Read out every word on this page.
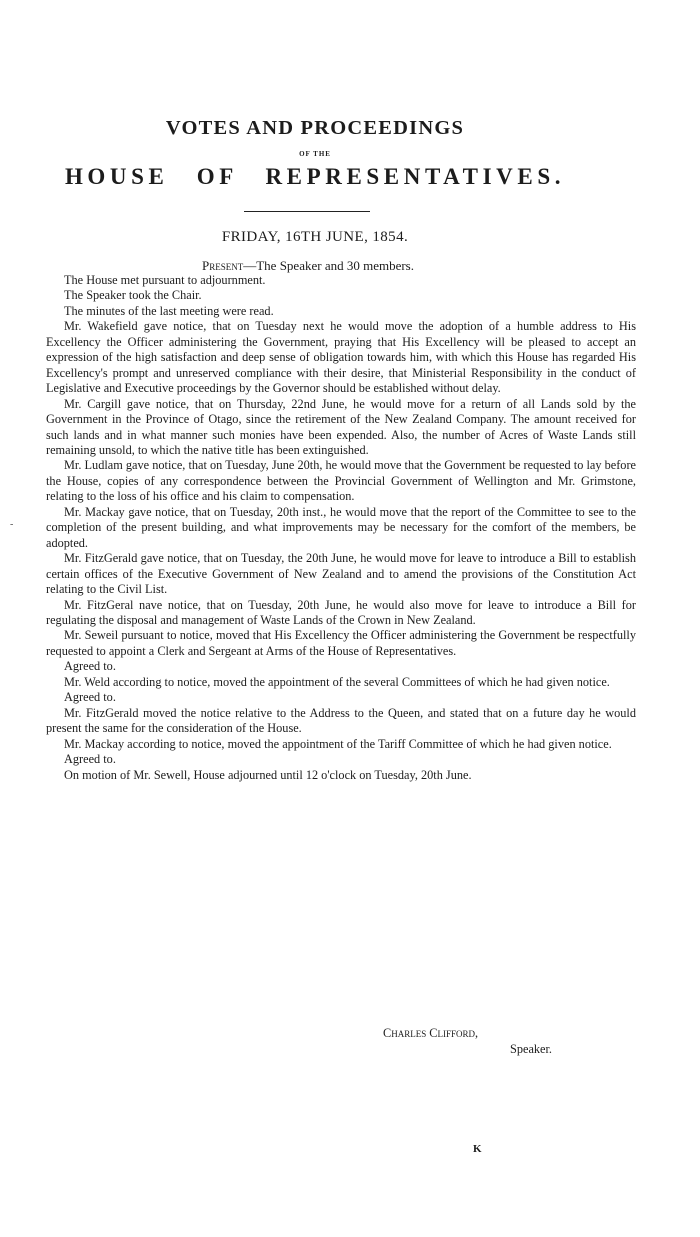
VOTES AND PROCEEDINGS
OF THE
HOUSE OF REPRESENTATIVES.
FRIDAY, 16TH JUNE, 1854.
Present—The Speaker and 30 members.
-

The House met pursuant to adjournment.

The Speaker took the Chair.

The minutes of the last meeting were read.

Mr. Wakefield gave notice, that on Tuesday next he would move the adoption of a humble address to His Excellency the Officer administering the Government, praying that His Excellency will be pleased to accept an expression of the high satisfaction and deep sense of obligation towards him, with which this House has regarded His Excellency's prompt and unreserved compliance with their desire, that Ministerial Responsibility in the conduct of Legislative and Executive proceedings by the Governor should be established without delay.

Mr. Cargill gave notice, that on Thursday, 22nd June, he would move for a return of all Lands sold by the Government in the Province of Otago, since the retirement of the New Zealand Company. The amount received for such lands and in what manner such monies have been expended. Also, the number of Acres of Waste Lands still remaining unsold, to which the native title has been extinguished.

Mr. Ludlam gave notice, that on Tuesday, June 20th, he would move that the Government be requested to lay before the House, copies of any correspondence between the Provincial Government of Wellington and Mr. Grimstone, relating to the loss of his office and his claim to compensation.

Mr. Mackay gave notice, that on Tuesday, 20th inst., he would move that the report of the Committee to see to the completion of the present building, and what improvements may be necessary for the comfort of the members, be adopted.

Mr. FitzGerald gave notice, that on Tuesday, the 20th June, he would move for leave to introduce a Bill to establish certain offices of the Executive Government of New Zealand and to amend the provisions of the Constitution Act relating to the Civil List.

Mr. FitzGeral nave notice, that on Tuesday, 20th June, he would also move for leave to introduce a Bill for regulating the disposal and management of Waste Lands of the Crown in New Zealand.

Mr. Seweil pursuant to notice, moved that His Excellency the Officer administering the Government be respectfully requested to appoint a Clerk and Sergeant at Arms of the House of Representatives.

Agreed to.

Mr. Weld according to notice, moved the appointment of the several Committees of which he had given notice.

Agreed to.

Mr. FitzGerald moved the notice relative to the Address to the Queen, and stated that on a future day he would present the same for the consideration of the House.

Mr. Mackay according to notice, moved the appointment of the Tariff Committee of which he had given notice.

Agreed to.

On motion of Mr. Sewell, House adjourned until 12 o'clock on Tuesday, 20th June.

Charles Clifford,
Speaker.
K
